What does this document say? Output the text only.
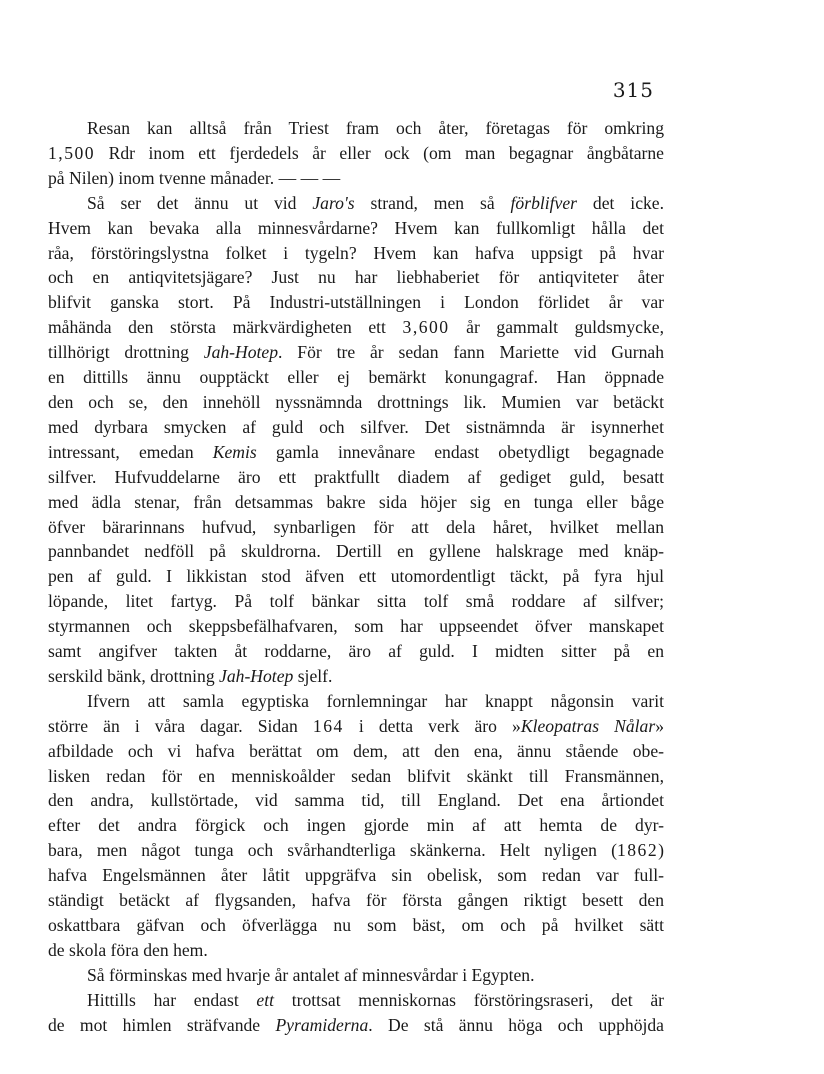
315
Resan kan alltså från Triest fram och åter, företagas för omkring
1,500 Rdr inom ett fjerdedels år eller ock (om man begagnar ångbåtarne
på Nilen) inom tvenne månader. — — —
Så ser det ännu ut vid Jaro's strand, men så förblifver det icke.
Hvem kan bevaka alla minnesvårdarne? Hvem kan fullkomligt hålla det
råa, förstöringslystna folket i tygeln? Hvem kan hafva uppsigt på hvar
och en antiqvitetsjägare? Just nu har liebhaberiet för antiqviteter åter
blifvit ganska stort. På Industri-utställningen i London förlidet år var
måhända den största märkvärdigheten ett 3,600 år gammalt guldsmycke,
tillhörigt drottning Jah-Hotep. För tre år sedan fann Mariette vid Gurnah
en dittills ännu oupptäckt eller ej bemärkt konungagraf. Han öppnade
den och se, den innehöll nyssnämnda drottnings lik. Mumien var betäckt
med dyrbara smycken af guld och silfver. Det sistnämnda är isynnerhet
intressant, emedan Kemis gamla innevånare endast obetydligt begagnade
silfver. Hufvuddelarne äro ett praktfullt diadem af gediget guld, besatt
med ädla stenar, från detsammas bakre sida höjer sig en tunga eller båge
öfver bärarinnans hufvud, synbarligen för att dela håret, hvilket mellan
pannbandet nedföll på skuldrorna. Dertill en gyllene halskrage med knäp-
pen af guld. I likkistan stod äfven ett utomordentligt täckt, på fyra hjul
löpande, litet fartyg. På tolf bänkar sitta tolf små roddare af silfver;
styrmannen och skeppsbefälhafvaren, som har uppseendet öfver manskapet
samt angifver takten åt roddarne, äro af guld. I midten sitter på en
serskild bänk, drottning Jah-Hotep sjelf.
Ifvern att samla egyptiska fornlemningar har knappt någonsin varit
större än i våra dagar. Sidan 164 i detta verk äro »Kleopatras Nålar»
afbildade och vi hafva berättat om dem, att den ena, ännu stående obe-
lisken redan för en menniskoålder sedan blifvit skänkt till Fransmännen,
den andra, kullstörtade, vid samma tid, till England. Det ena årtiondet
efter det andra förgick och ingen gjorde min af att hemta de dyr-
bara, men något tunga och svårhandterliga skänkerna. Helt nyligen (1862)
hafva Engelsmännen åter låtit uppgräfva sin obelisk, som redan var full-
ständigt betäckt af flygsanden, hafva för första gången riktigt besett den
oskattbara gäfvan och öfverlägga nu som bäst, om och på hvilket sätt
de skola föra den hem.
Så förminskas med hvarje år antalet af minnesvårdar i Egypten.
Hittills har endast ett trottsat menniskornas förstöringsraseri, det är
de mot himlen sträfvande Pyramiderna. De stå ännu höga och upphöjda
